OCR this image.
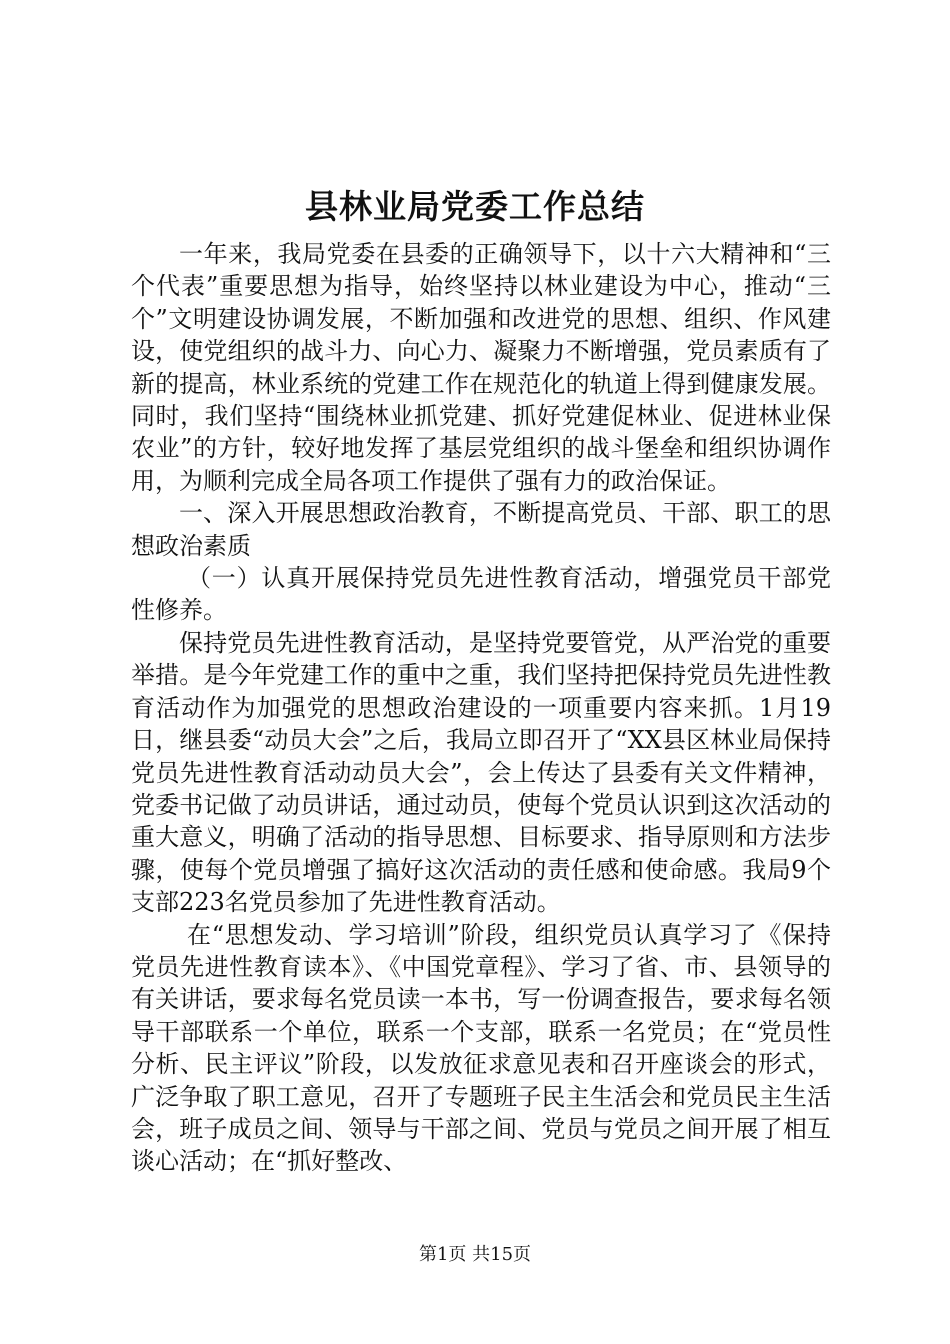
县林业局党委工作总结

一年来，我局党委在县委的正确领导下，以十六大精神和“三个代表”重要思想为指导，始终坚持以林业建设为中心，推动“三个”文明建设协调发展，不断加强和改进党的思想、组织、作风建设，使党组织的战斗力、向心力、凝聚力不断增强，党员素质有了新的提高，林业系统的党建工作在规范化的轨道上得到健康发展。同时，我们坚持“围绕林业抓党建、抓好党建促林业、促进林业保农业”的方针，较好地发挥了基层党组织的战斗堡垒和组织协调作用，为顺利完成全局各项工作提供了强有力的政治保证。

一、深入开展思想政治教育，不断提高党员、干部、职工的思想政治素质

（一）认真开展保持党员先进性教育活动，增强党员干部党性修养。

保持党员先进性教育活动，是坚持党要管党，从严治党的重要举措。是今年党建工作的重中之重，我们坚持把保持党员先进性教育活动作为加强党的思想政治建设的一项重要内容来抓。1月19日，继县委“动员大会”之后，我局立即召开了“XX县区林业局保持党员先进性教育活动动员大会”，会上传达了县委有关文件精神，党委书记做了动员讲话，通过动员，使每个党员认识到这次活动的重大意义，明确了活动的指导思想、目标要求、指导原则和方法步骤，使每个党员增强了搞好这次活动的责任感和使命感。我局9个支部223名党员参加了先进性教育活动。

在“思想发动、学习培训”阶段，组织党员认真学习了《保持党员先进性教育读本》、《中国党章程》、学习了省、市、县领导的有关讲话，要求每名党员读一本书，写一份调查报告，要求每名领导干部联系一个单位，联系一个支部，联系一名党员；在“党员性分析、民主评议”阶段，以发放征求意见表和召开座谈会的形式，广泛争取了职工意见，召开了专题班子民主生活会和党员民主生活会，班子成员之间、领导与干部之间、党员与党员之间开展了相互谈心活动；在“抓好整改、

第1页 共15页
